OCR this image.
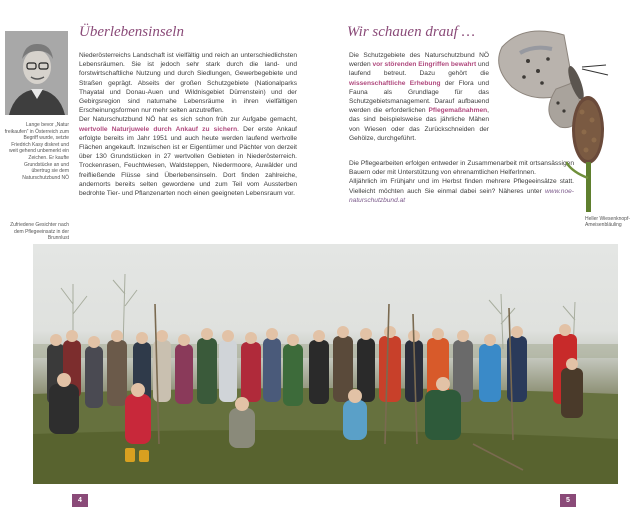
Lange bevor „Natur freikaufen“ in Österreich zum Begriff wurde, setzte Friedrich Kasy diskret und weit gehend unbemerkt ein Zeichen. Er kaufte Grundstücke an und übertrug sie dem Naturschutzbund NÖ
Zufriedene Gesichter nach dem Pflegeeinsatz in der Brunnlust
Überlebensinseln

Niederösterreichs Landschaft ist vielfältig und reich an unterschiedlichsten Lebensräumen. Sie ist jedoch sehr stark durch die land- und forstwirtschaftliche Nutzung und durch Siedlungen, Gewerbegebiete und Straßen geprägt. Abseits der großen Schutzgebiete (Nationalparks Thayatal und Donau-Auen und Wildnisgebiet Dürrenstein) und der Gebirgsregion sind naturnahe Lebensräume in ihren vielfältigen Erscheinungsformen nur mehr selten anzutreffen.

Der Naturschutzbund NÖ hat es sich schon früh zur Aufgabe gemacht, wertvolle Naturjuwele durch Ankauf zu sichern. Der erste Ankauf erfolgte bereits im Jahr 1951 und auch heute werden laufend wertvolle Flächen angekauft. Inzwischen ist er Eigentümer und Pächter von derzeit über 130 Grundstücken in 27 wertvollen Gebieten in Niederösterreich. Trockenrasen, Feuchtwiesen, Waldsteppen, Niedermoore, Auwälder und freifließende Flüsse sind Überlebensinseln. Dort finden zahlreiche, andernorts bereits selten gewordene und zum Teil vom Aussterben bedrohte Tier- und Pflanzenarten noch einen geeigneten Lebensraum vor.

Wir schauen drauf …

Die Schutzgebiete des Naturschutzbund NÖ werden vor störenden Eingriffen bewahrt und laufend betreut. Dazu gehört die wissenschaftliche Erhebung der Flora und Fauna als Grundlage für das Schutzgebietsmanagement. Darauf aufbauend werden die erforderlichen Pflegemaßnahmen, das sind beispielsweise das jährliche Mähen von Wiesen oder das Zurückschneiden der Gehölze, durchgeführt.

Die Pflegearbeiten erfolgen entweder in Zusammenarbeit mit ortsansässigen Bauern oder mit Unterstützung von ehrenamtlichen HelferInnen.

Alljährlich im Frühjahr und im Herbst finden mehrere Pflegeeinsätze statt. Vielleicht möchten auch Sie einmal dabei sein? Näheres unter www.noe-naturschutzbund.at

Heller Wiesenknopf-Ameisenbläuling
4	5
